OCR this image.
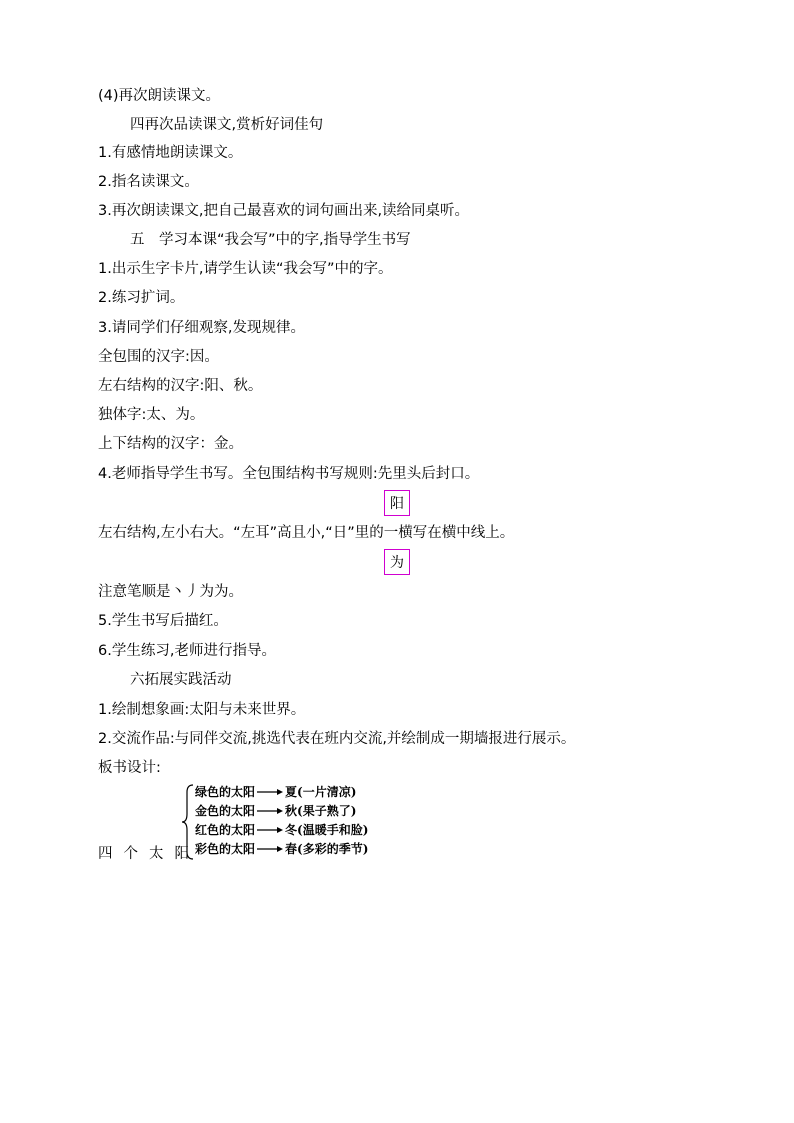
(4)再次朗读课文。
四再次品读课文,赏析好词佳句
1.有感情地朗读课文。
2.指名读课文。
3.再次朗读课文,把自己最喜欢的词句画出来,读给同桌听。
五　学习本课“我会写”中的字,指导学生书写
1.出示生字卡片,请学生认读“我会写”中的字。
2.练习扩词。
3.请同学们仔细观察,发现规律。
全包围的汉字:因。
左右结构的汉字:阳、秋。
独体字:太、为。
上下结构的汉字：金。
4.老师指导学生书写。全包围结构书写规则:先里头后封口。
阳
左右结构,左小右大。“左耳”高且小,“日”里的一横写在横中线上。
为
注意笔顺是丶丿为为。
5.学生书写后描红。
6.学生练习,老师进行指导。
六拓展实践活动
1.绘制想象画:太阳与未来世界。
2.交流作品:与同伴交流,挑选代表在班内交流,并绘制成一期墙报进行展示。
板书设计:
四个太阳
绿色的太阳	夏(一片清凉)
金色的太阳	秋(果子熟了)
红色的太阳	冬(温暖手和脸)
彩色的太阳	春(多彩的季节)
